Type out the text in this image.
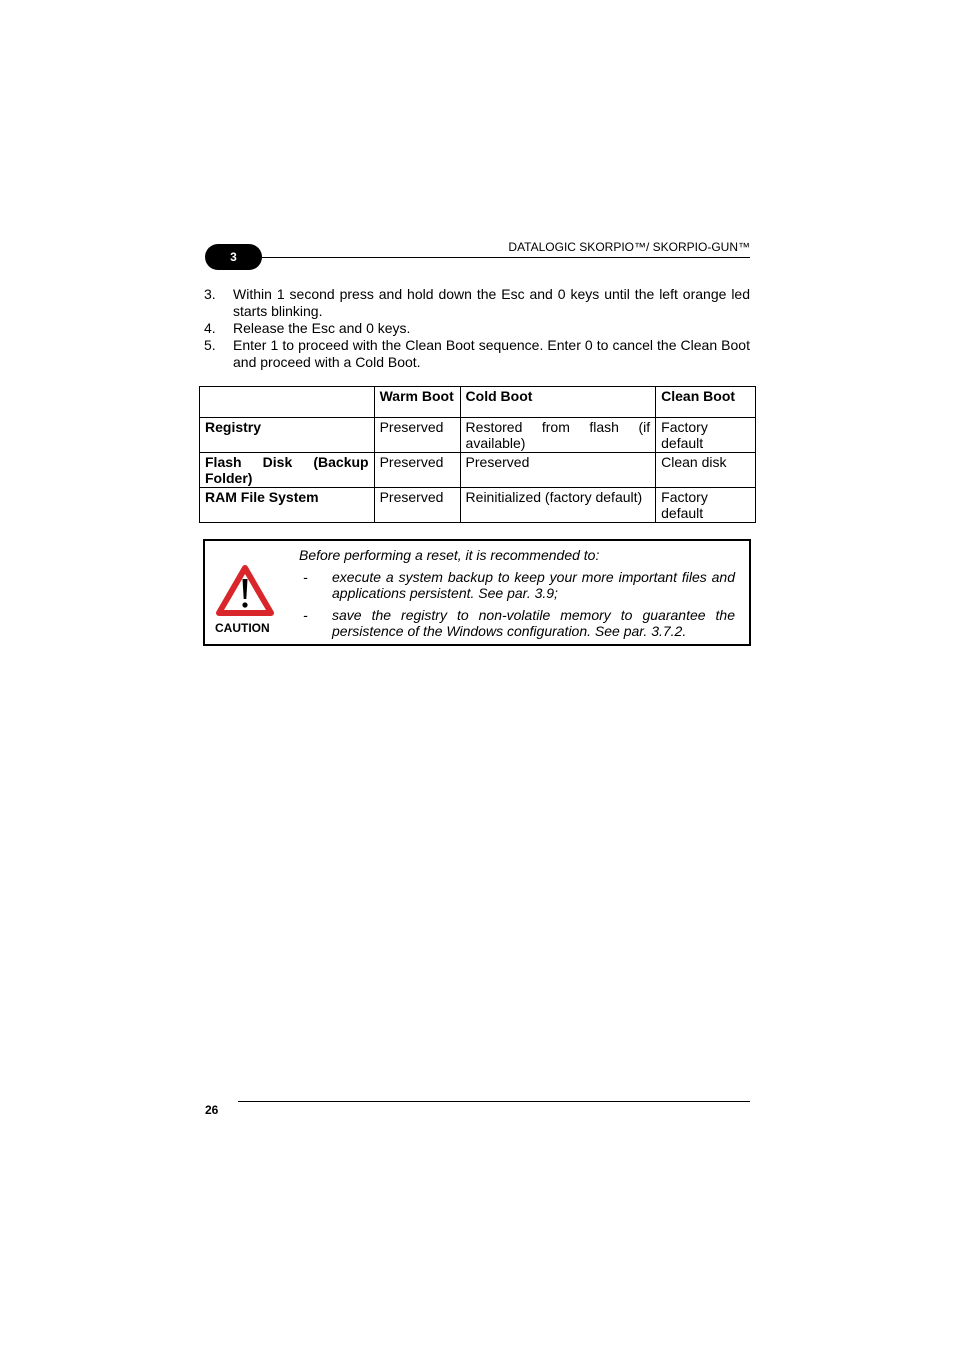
3
DATALOGIC SKORPIO™/ SKORPIO-GUN™
3.	Within 1 second press and hold down the Esc and 0 keys until the left orange led starts blinking.
4.	Release the Esc and 0 keys.
5.	Enter 1 to proceed with the Clean Boot sequence. Enter 0 to cancel the Clean Boot and proceed with a Cold Boot.
	Warm Boot	Cold Boot	Clean Boot
Registry	Preserved	Restored from flash (if available)	Factory default
Flash Disk (Backup Folder)	Preserved	Preserved	Clean disk
RAM File System	Preserved	Reinitialized (factory default)	Factory default
CAUTION

Before performing a reset, it is recommended to:

-	execute a system backup to keep your more important files and applications persistent. See par. 3.9;
-	save the registry to non-volatile memory to guarantee the persistence of the Windows configuration. See par. 3.7.2.
26
